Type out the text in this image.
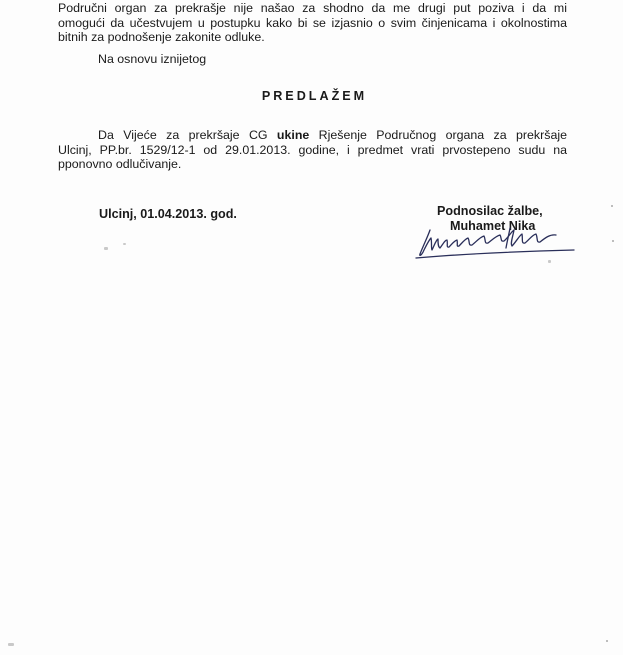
Područni organ za prekrašje nije našao za shodno da me drugi put poziva i da mi
omogući da učestvujem u postupku kako bi se izjasnio o svim činjenicama i okolnostima
bitnih za podnošenje zakonite odluke.

Na osnovu iznijetog
PREDLAŽEM

Da Vijeće za prekršaje CG ukine Rješenje Područnog organa za prekršaje
Ulcinj, PP.br. 1529/12-1 od 29.01.2013. godine, i predmet vrati prvostepeno sudu na
pponovno odlučivanje.

Ulcinj, 01.04.2013. god.	Podnosilac žalbe,
Muhamet Nika
